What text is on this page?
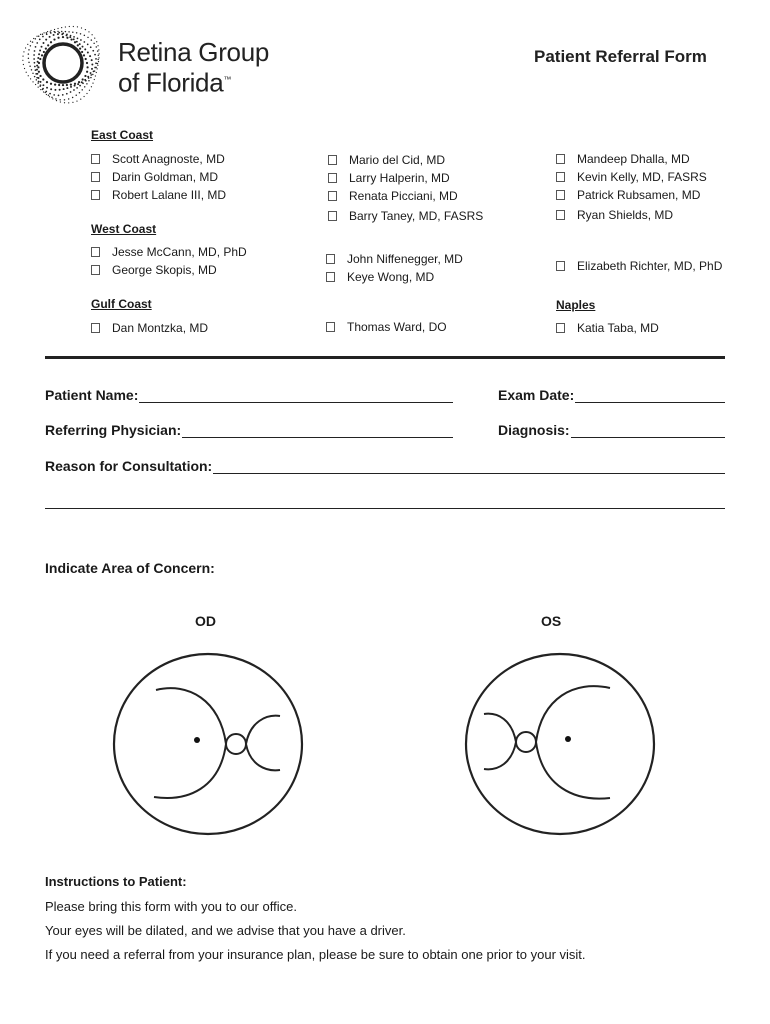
Retina Group
of Florida™
Patient Referral Form
East Coast
West Coast
Gulf Coast	Naples
Scott Anagnoste, MD
Darin Goldman, MD
Robert Lalane III, MD
Mario del Cid, MD
Larry Halperin, MD
Renata Picciani, MD
Barry Taney, MD, FASRS
Mandeep Dhalla, MD
Kevin Kelly, MD, FASRS
Patrick Rubsamen, MD
Ryan Shields, MD
Jesse McCann, MD, PhD
George Skopis, MD
John Niffenegger, MD
Keye Wong, MD
Elizabeth Richter, MD, PhD
Dan Montzka, MD	Thomas Ward, DO	Katia Taba, MD
Patient Name:	Exam Date:
Referring Physician:	Diagnosis:
Reason for Consultation:
Indicate Area of Concern:
OD	OS
Instructions to Patient:
Please bring this form with you to our office.
Your eyes will be dilated, and we advise that you have a driver.
If you need a referral from your insurance plan, please be sure to obtain one prior to your visit.
